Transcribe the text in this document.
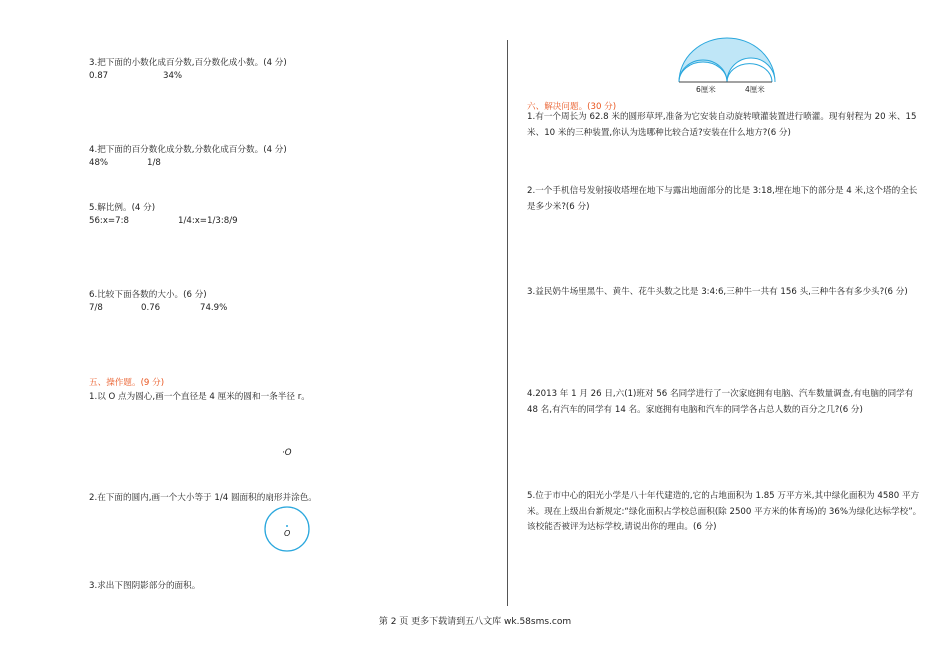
3.把下面的小数化成百分数,百分数化成小数。(4 分)
0.87	34%
4.把下面的百分数化成分数,分数化成百分数。(4 分)
48%	1/8
5.解比例。(4 分)
56:x=7:8	1/4:x=1/3:8/9
6.比较下面各数的大小。(6 分)
7/8	0.76	74.9%
五、操作题。(9 分)
1.以 O 点为圆心,画一个直径是 4 厘米的圆和一条半径 r。
·O
2.在下面的圆内,画一个大小等于 1/4 圆面积的扇形并涂色。
O
3.求出下图阴影部分的面积。
6厘米	4厘米
六、解决问题。(30 分)
1.有一个周长为 62.8 米的圆形草坪,准备为它安装自动旋转喷灌装置进行喷灌。现有射程为 20 米、15 米、10 米的三种装置,你认为选哪种比较合适?安装在什么地方?(6 分)
2.一个手机信号发射接收塔埋在地下与露出地面部分的比是 3:18,埋在地下的部分是 4 米,这个塔的全长是多少米?(6 分)
3.益民奶牛场里黑牛、黄牛、花牛头数之比是 3:4:6,三种牛一共有 156 头,三种牛各有多少头?(6 分)
4.2013 年 1 月 26 日,六(1)班对 56 名同学进行了一次家庭拥有电脑、汽车数量调查,有电脑的同学有 48 名,有汽车的同学有 14 名。家庭拥有电脑和汽车的同学各占总人数的百分之几?(6 分)
5.位于市中心的阳光小学是八十年代建造的,它的占地面积为 1.85 万平方米,其中绿化面积为 4580 平方米。现在上级出台新规定:“绿化面积占学校总面积(除 2500 平方米的体育场)的 36%为绿化达标学校”。该校能否被评为达标学校,请说出你的理由。(6 分)
第 2 页 更多下载请到五八文库 wk.58sms.com
